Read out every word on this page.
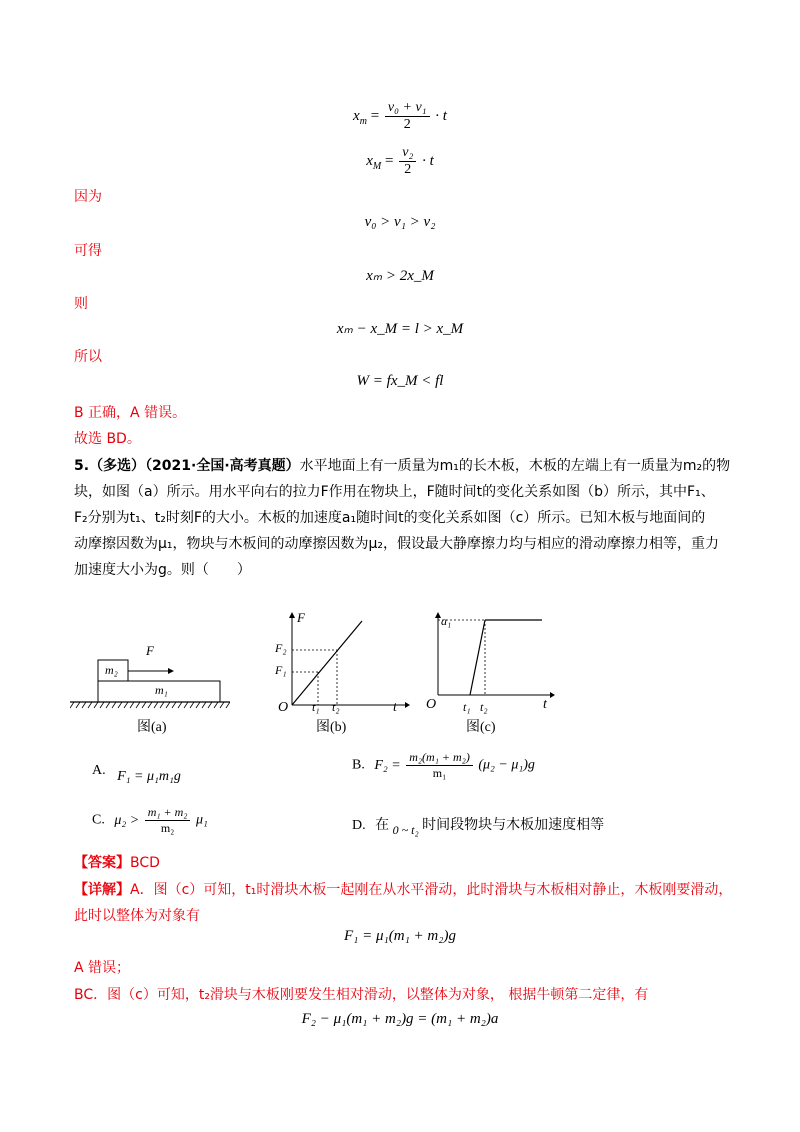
$x_m = \frac{\text{v₀ + v₁}}{2} \cdot t$
$x_M = \frac{\text{v₂}}{2} \cdot t$
因为
v₀ > v₁ > v₂
可得
xₘ > 2x_M
则
xₘ − x_M = l > x_M
所以
W = fx_M < fl
B 正确，A 错误。
故选 BD。
5.（多选）（2021·全国·高考真题）水平地面上有一质量为m₁的长木板，木板的左端上有一质量为m₂的物
块，如图（a）所示。用水平向右的拉力F作用在物块上，F随时间t的变化关系如图（b）所示，其中F₁、
F₂分别为t₁、t₂时刻F的大小。木板的加速度a₁随时间t的变化关系如图（c）所示。已知木板与地面间的
动摩擦因数为μ₁，物块与木板间的动摩擦因数为μ₂，假设最大静摩擦力均与相应的滑动摩擦力相等，重力
加速度大小为g。则（　　）
m₂
F
m₁
图(a)
F
F₂
F₁
O t₁ t₂	t
图(b)
a₁
O t₁ t₂	t
图(c)
A. F₁ = μ₁m₁g
B. $F_2 = \frac{\text{m₂(m₁ + m₂)}}{\text{m₁}} (\mu_2 - \mu_1)g$
C. $\mu_2 > \frac{\text{m₁ + m₂}}{\text{m₂}} \mu_1$	D. 在 0 ~ t₂ 时间段物块与木板加速度相等
【答案】BCD
【详解】A．图（c）可知，t₁时滑块木板一起刚在从水平滑动，此时滑块与木板相对静止，木板刚要滑动，
此时以整体为对象有
F₁ = μ₁(m₁ + m₂)g
A 错误；
BC．图（c）可知，t₂滑块与木板刚要发生相对滑动，以整体为对象， 根据牛顿第二定律，有
F₂ − μ₁(m₁ + m₂)g = (m₁ + m₂)a
